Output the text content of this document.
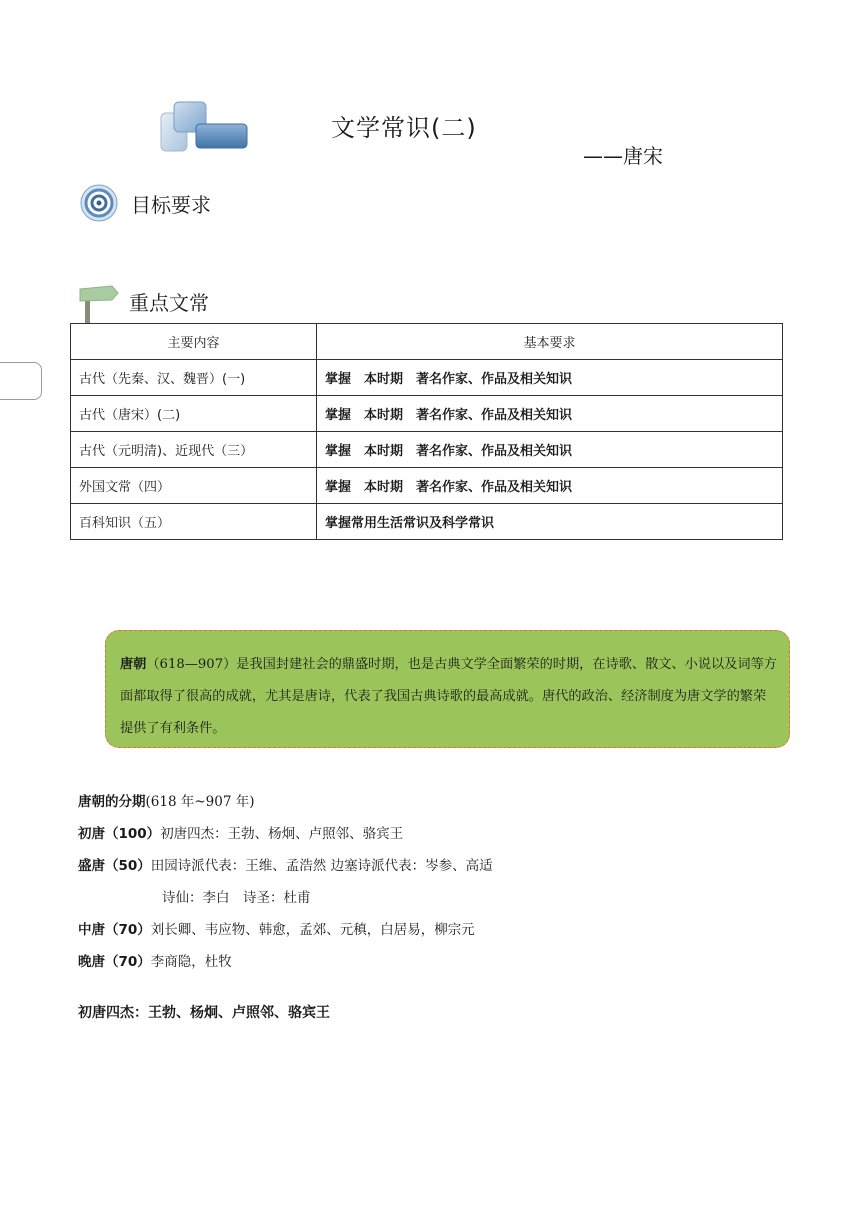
文学常识(二)
——唐宋
目标要求
重点文常
主要内容	基本要求
古代（先秦、汉、魏晋）(一)	掌握　本时期　著名作家、作品及相关知识
古代（唐宋）(二)	掌握　本时期　著名作家、作品及相关知识
古代（元明清)、近现代（三）	掌握　本时期　著名作家、作品及相关知识
外国文常（四）	掌握　本时期　著名作家、作品及相关知识
百科知识（五）	掌握常用生活常识及科学常识
唐朝（618—907）是我国封建社会的鼎盛时期，也是古典文学全面繁荣的时期，在诗歌、散文、小说以及词等方面都取得了很高的成就，尤其是唐诗，代表了我国古典诗歌的最高成就。唐代的政治、经济制度为唐文学的繁荣提供了有利条件。
唐朝的分期(618 年~907 年)
初唐（100）初唐四杰：王勃、杨炯、卢照邻、骆宾王
盛唐（50）田园诗派代表：王维、孟浩然 边塞诗派代表：岑参、高适
诗仙：李白　诗圣：杜甫
中唐（70）刘长卿、韦应物、韩愈，孟郊、元稹，白居易，柳宗元
晚唐（70）李商隐，杜牧
初唐四杰：王勃、杨炯、卢照邻、骆宾王
